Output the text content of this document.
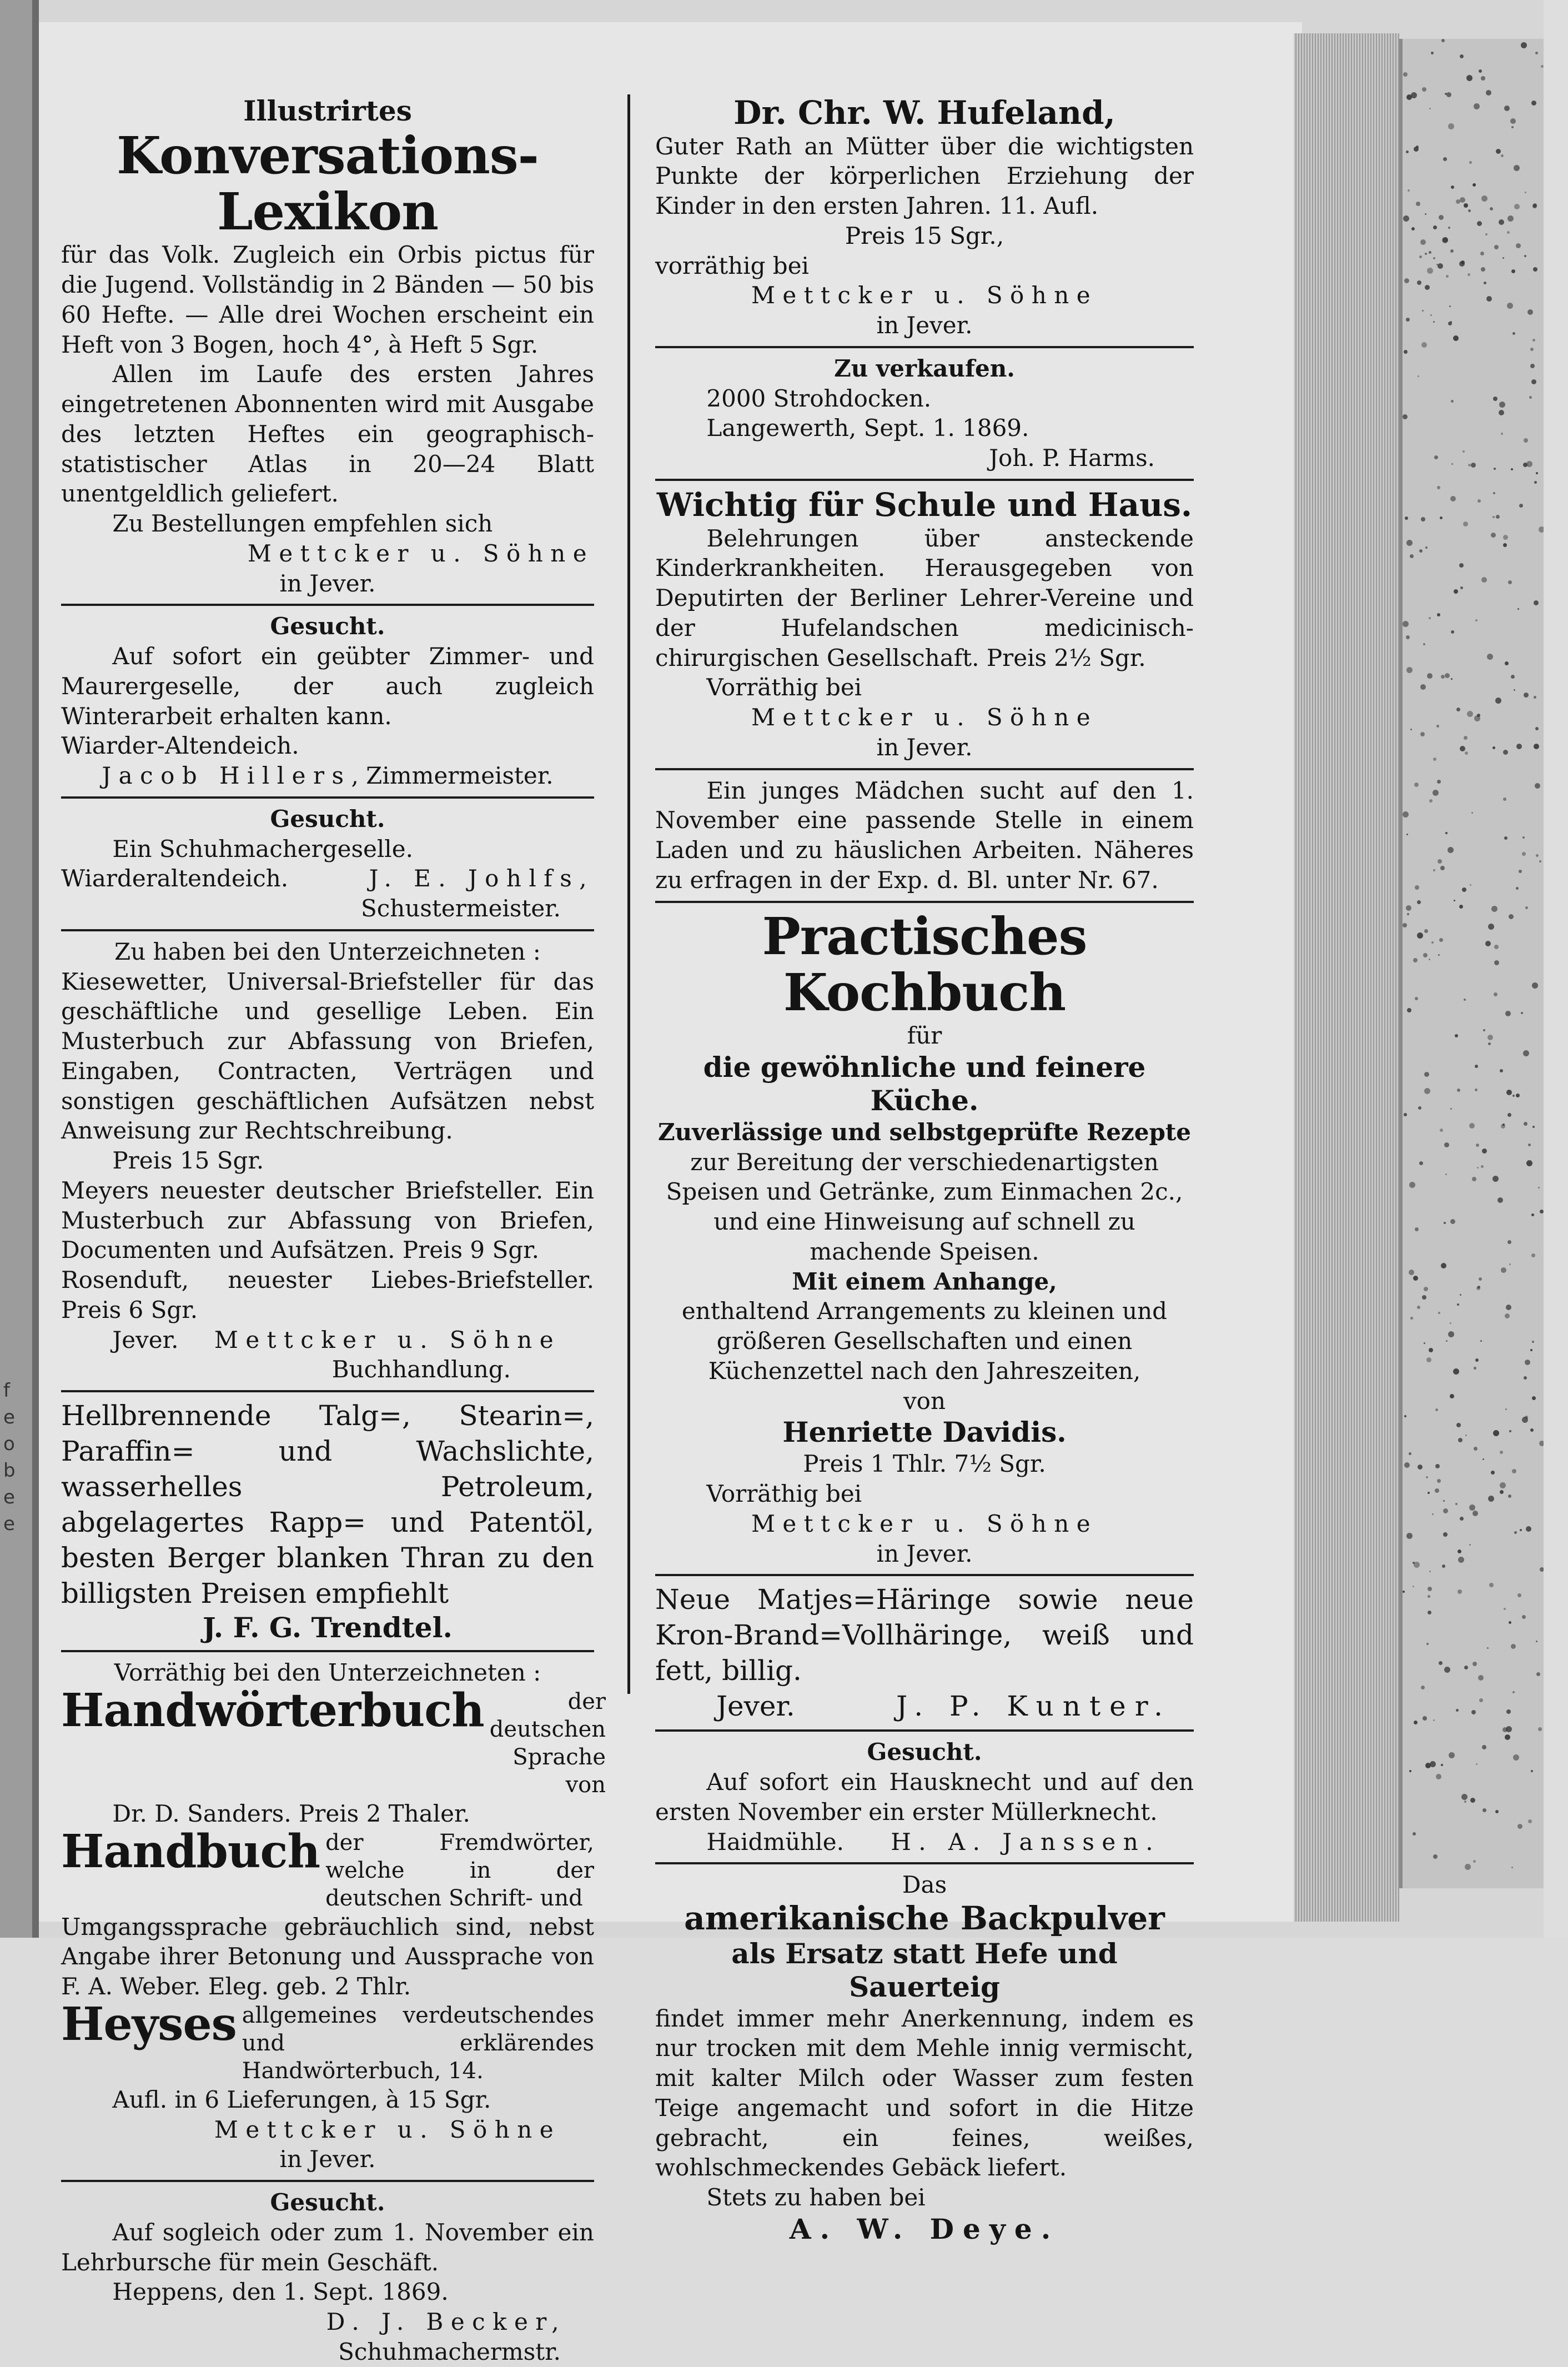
f
e
o
b
e
e

Illustrirtes

Konversations-Lexikon

für das Volk. Zugleich ein Orbis pictus für die Jugend. Vollständig in 2 Bänden — 50 bis 60 Hefte. — Alle drei Wochen erscheint ein Heft von 3 Bogen, hoch 4°, à Heft 5 Sgr.

Allen im Laufe des ersten Jahres eingetretenen Abonnenten wird mit Ausgabe des letzten Heftes ein geographisch-statistischer Atlas in 20—24 Blatt unentgeldlich geliefert.

Zu Bestellungen empfehlen sich

Mettcker u. Söhne

in Jever.

Gesucht.

Auf sofort ein geübter Zimmer- und Maurergeselle, der auch zugleich Winterarbeit erhalten kann.

Wiarder-Altendeich.

Jacob Hillers, Zimmermeister.

Gesucht.

Ein Schuhmachergeselle.

Wiarderaltendeich.	J. E. Johlfs,

Schustermeister.

Zu haben bei den Unterzeichneten :

Kiesewetter, Universal-Briefsteller für das geschäftliche und gesellige Leben. Ein Musterbuch zur Abfassung von Briefen, Eingaben, Contracten, Verträgen und sonstigen geschäftlichen Aufsätzen nebst Anweisung zur Rechtschreibung.

Preis 15 Sgr.

Meyers neuester deutscher Briefsteller. Ein Musterbuch zur Abfassung von Briefen, Documenten und Aufsätzen. Preis 9 Sgr.

Rosenduft, neuester Liebes-Briefsteller. Preis 6 Sgr.

Jever. Mettcker u. Söhne

Buchhandlung.

Hellbrennende Talg=, Stearin=, Paraffin= und Wachslichte, wasserhelles Petroleum, abgelagertes Rapp= und Patentöl, besten Berger blanken Thran zu den billigsten Preisen empfiehlt

J. F. G. Trendtel.

Vorräthig bei den Unterzeichneten :

Handwörterbuch	der deutschen Sprache von

Dr. D. Sanders. Preis 2 Thaler.

Handbuch der Fremdwörter, welche in der deutschen Schrift- und

Umgangssprache gebräuchlich sind, nebst Angabe ihrer Betonung und Aussprache von F. A. Weber. Eleg. geb. 2 Thlr.

Heyses allgemeines verdeutschendes und erklärendes Handwörterbuch, 14.

Aufl. in 6 Lieferungen, à 15 Sgr.

Mettcker u. Söhne

in Jever.

Gesucht.

Auf sogleich oder zum 1. November ein Lehrbursche für mein Geschäft.

Heppens, den 1. Sept. 1869.

D. J. Becker,

Schuhmachermstr.

Dr. Chr. W. Hufeland,

Guter Rath an Mütter über die wichtigsten Punkte der körperlichen Erziehung der Kinder in den ersten Jahren. 11. Aufl.

Preis 15 Sgr.,

vorräthig bei

Mettcker u. Söhne

in Jever.

Zu verkaufen.

2000 Strohdocken.

Langewerth, Sept. 1. 1869.

Joh. P. Harms.

Wichtig für Schule und Haus.

Belehrungen über ansteckende Kinderkrankheiten. Herausgegeben von Deputirten der Berliner Lehrer-Vereine und der Hufelandschen medicinisch-chirurgischen Gesellschaft. Preis 2½ Sgr.

Vorräthig bei

Mettcker u. Söhne

in Jever.

Ein junges Mädchen sucht auf den 1. November eine passende Stelle in einem Laden und zu häuslichen Arbeiten. Näheres zu erfragen in der Exp. d. Bl. unter Nr. 67.

Practisches Kochbuch

für

die gewöhnliche und feinere Küche.

Zuverlässige und selbstgeprüfte Rezepte

zur Bereitung der verschiedenartigsten Speisen und Getränke, zum Einmachen 2c., und eine Hinweisung auf schnell zu machende Speisen.

Mit einem Anhange,

enthaltend Arrangements zu kleinen und größeren Gesellschaften und einen Küchenzettel nach den Jahreszeiten,

von

Henriette Davidis.

Preis 1 Thlr. 7½ Sgr.

Vorräthig bei

Mettcker u. Söhne

in Jever.

Neue Matjes=Häringe sowie neue Kron-Brand=Vollhäringe, weiß und fett, billig.

Jever.	J. P. Kunter.

Gesucht.

Auf sofort ein Hausknecht und auf den ersten November ein erster Müllerknecht.

Haidmühle. H. A. Janssen.

Das

amerikanische Backpulver

als Ersatz statt Hefe und Sauerteig

findet immer mehr Anerkennung, indem es nur trocken mit dem Mehle innig vermischt, mit kalter Milch oder Wasser zum festen Teige angemacht und sofort in die Hitze gebracht, ein feines, weißes, wohlschmeckendes Gebäck liefert.

Stets zu haben bei

A. W. Deye.
